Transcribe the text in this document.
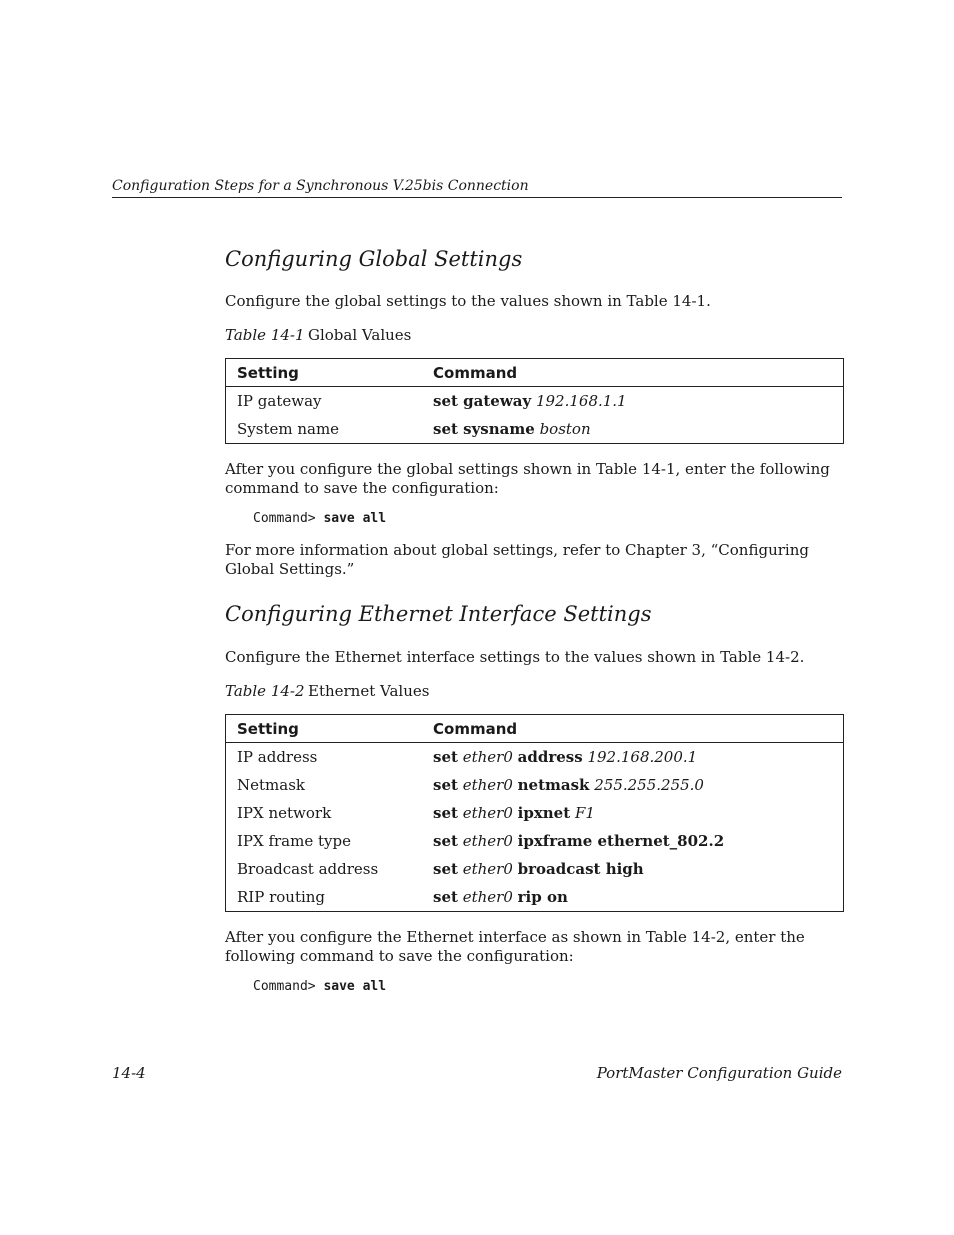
Configuration Steps for a Synchronous V.25bis Connection
Configuring Global Settings

Configure the global settings to the values shown in Table 14-1.

Table 14-1 Global Values
Setting	Command
IP gateway	set gateway 192.168.1.1
System name	set sysname boston

After you configure the global settings shown in Table 14-1, enter the following command to save the configuration:

Command> save all

For more information about global settings, refer to Chapter 3, “Configuring Global Settings.”

Configuring Ethernet Interface Settings

Configure the Ethernet interface settings to the values shown in Table 14-2.

Table 14-2 Ethernet Values
Setting	Command
IP address	set ether0 address 192.168.200.1
Netmask	set ether0 netmask 255.255.255.0
IPX network	set ether0 ipxnet F1
IPX frame type	set ether0 ipxframe ethernet_802.2
Broadcast address	set ether0 broadcast high
RIP routing	set ether0 rip on

After you configure the Ethernet interface as shown in Table 14-2, enter the following command to save the configuration:

Command> save all
14-4	PortMaster Configuration Guide
